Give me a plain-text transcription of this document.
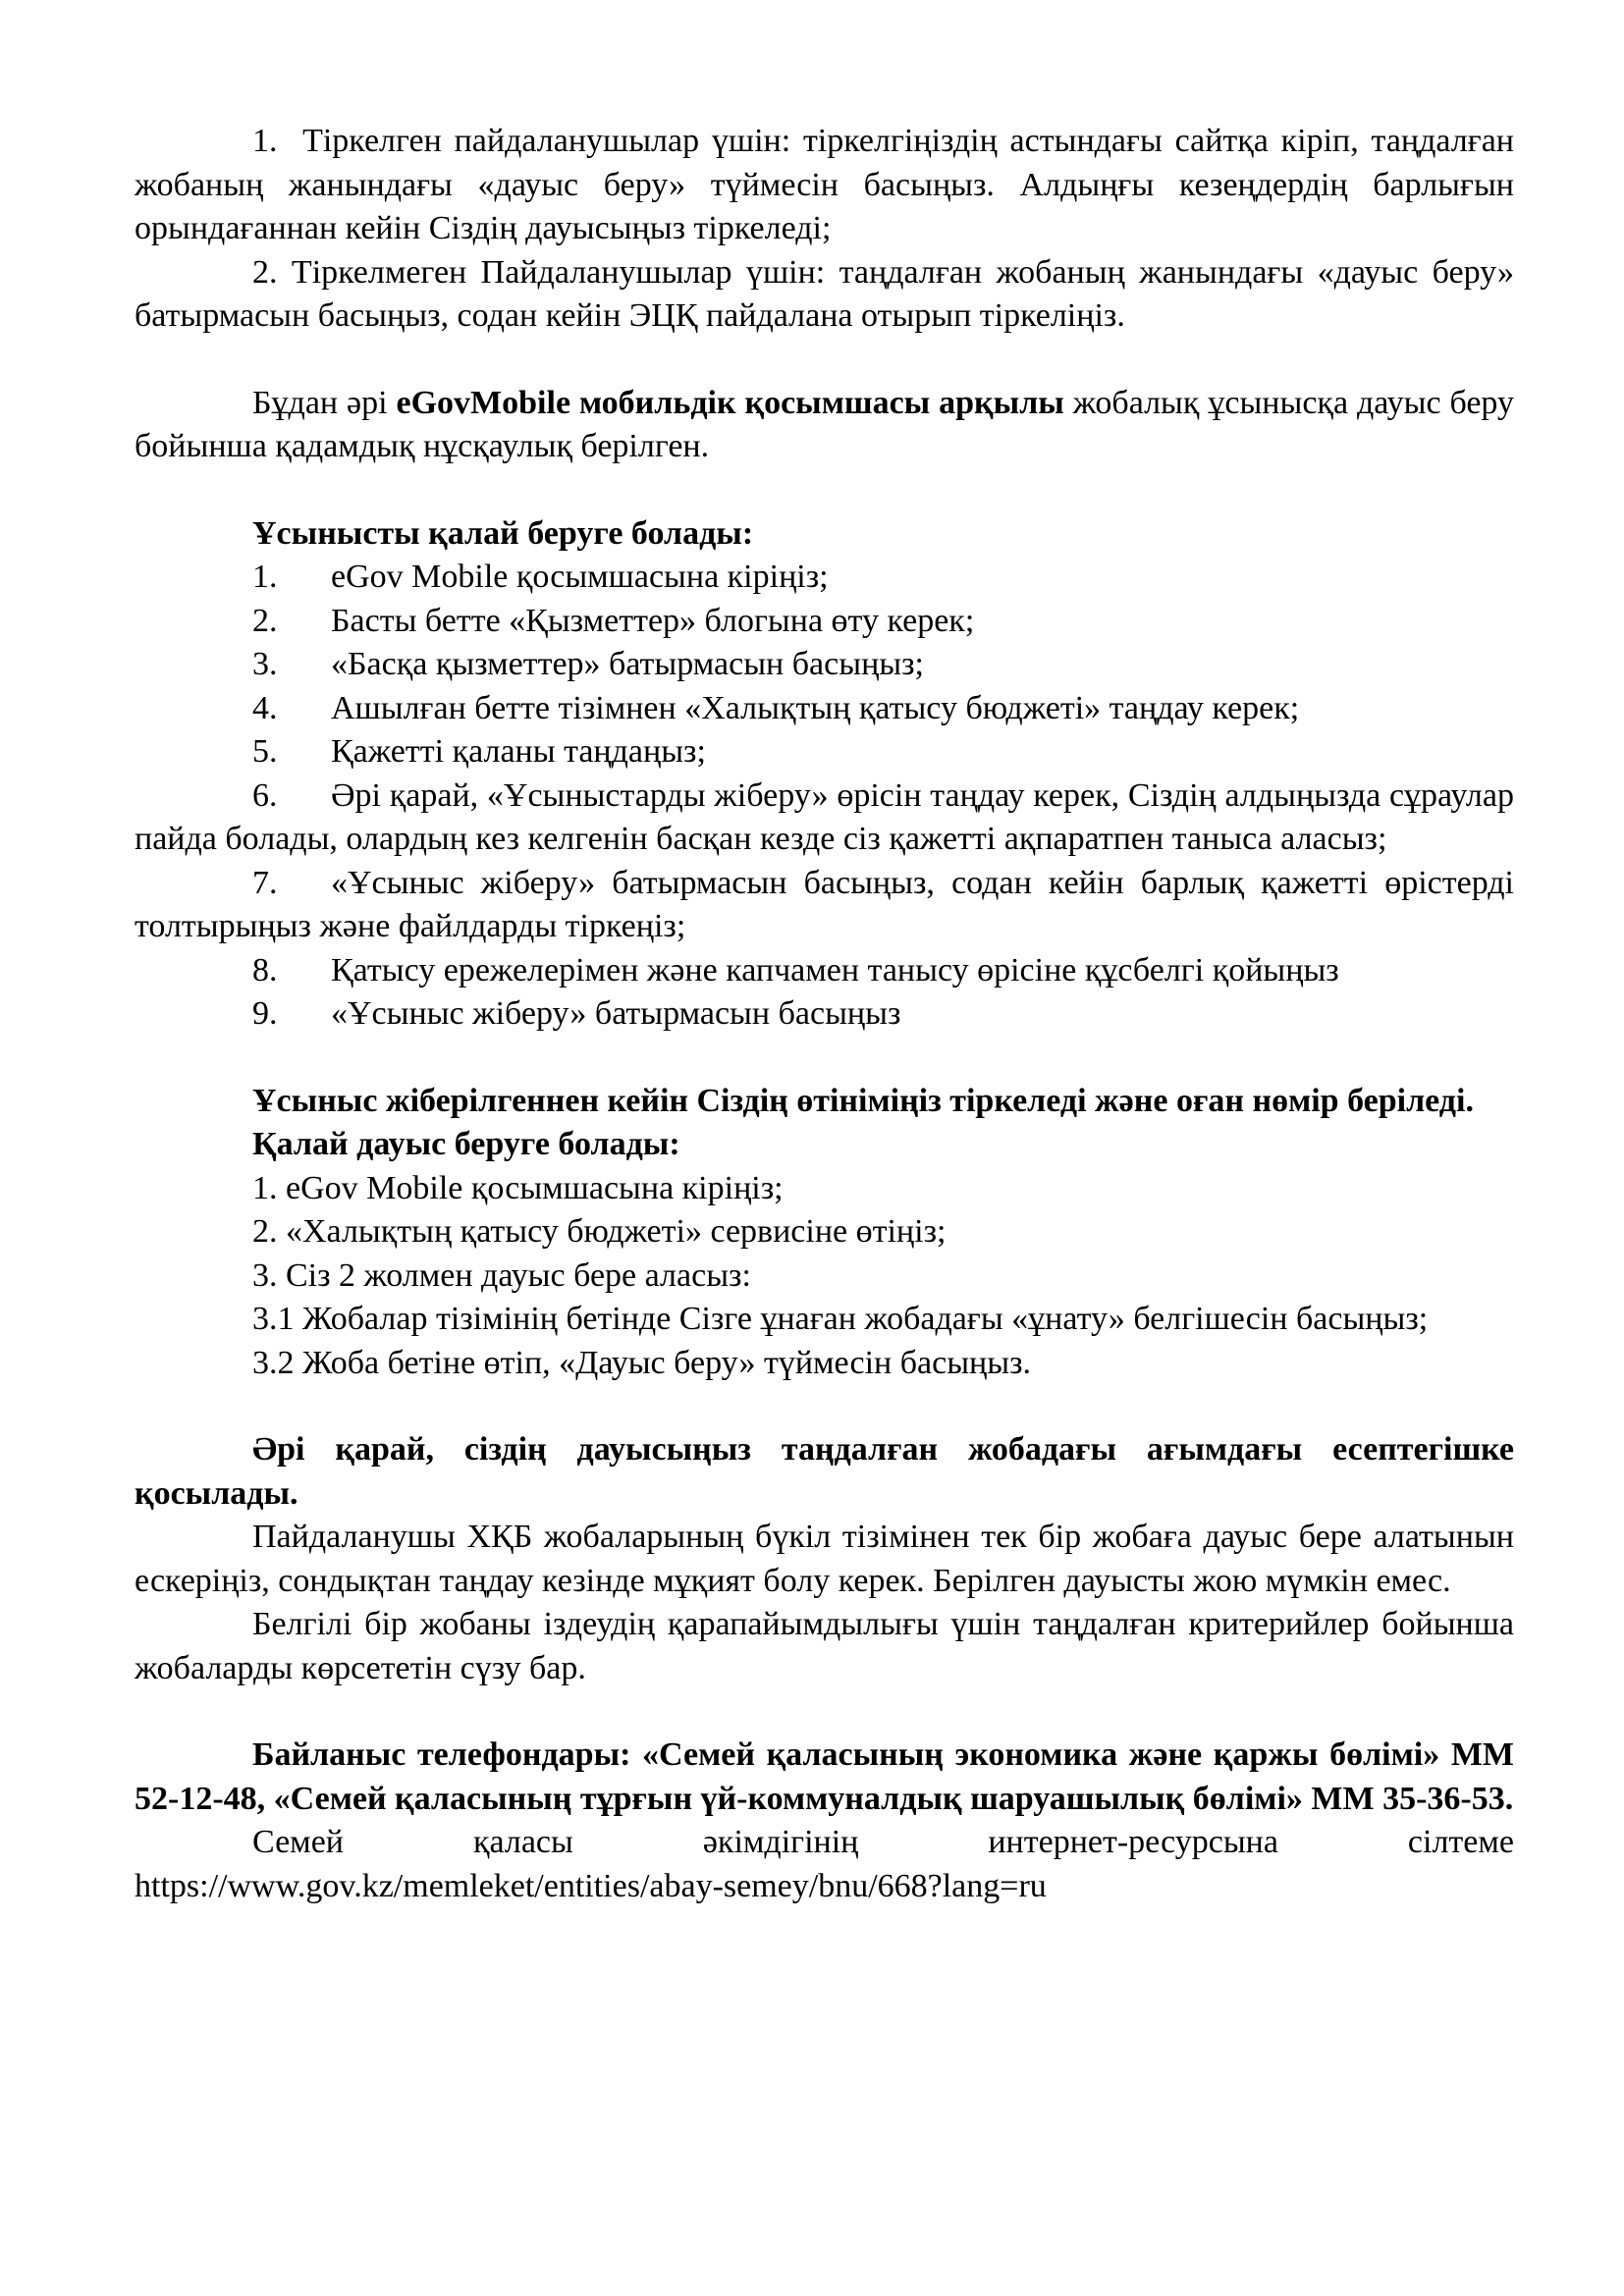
1.  Тіркелген пайдаланушылар үшін: тіркелгіңіздің астындағы сайтқа кіріп, таңдалған жобаның жанындағы «дауыс беру» түймесін басыңыз. Алдыңғы кезеңдердің барлығын орындағаннан кейін Сіздің дауысыңыз тіркеледі;

2. Тіркелмеген Пайдаланушылар үшін: таңдалған жобаның жанындағы «дауыс беру» батырмасын басыңыз, содан кейін ЭЦҚ пайдалана отырып тіркеліңіз.

Бұдан әрі eGovMobile мобильдік қосымшасы арқылы жобалық ұсынысқа дауыс беру бойынша қадамдық нұсқаулық берілген.

Ұсынысты қалай беруге болады:

1.	eGov Mobile қосымшасына кіріңіз;
2.	Басты бетте «Қызметтер» блогына өту керек;
3.	«Басқа қызметтер» батырмасын басыңыз;
4.	Ашылған бетте тізімнен «Халықтың қатысу бюджеті» таңдау керек;
5.	Қажетті қаланы таңдаңыз;

6. Әрі қарай, «Ұсыныстарды жіберу» өрісін таңдау керек, Сіздің алдыңызда сұраулар пайда болады, олардың кез келгенін басқан кезде сіз қажетті ақпаратпен таныса аласыз;

7. «Ұсыныс жіберу» батырмасын басыңыз, содан кейін барлық қажетті өрістерді толтырыңыз және файлдарды тіркеңіз;

8.	Қатысу ережелерімен және капчамен танысу өрісіне құсбелгі қойыңыз
9.	«Ұсыныс жіберу» батырмасын басыңыз

Ұсыныс жіберілгеннен кейін Сіздің өтініміңіз тіркеледі және оған нөмір беріледі.

Қалай дауыс беруге болады:

1. eGov Mobile қосымшасына кіріңіз;

2. «Халықтың қатысу бюджеті» сервисіне өтіңіз;

3. Сіз 2 жолмен дауыс бере аласыз:

3.1 Жобалар тізімінің бетінде Сізге ұнаған жобадағы «ұнату» белгішесін басыңыз;

3.2 Жоба бетіне өтіп, «Дауыс беру» түймесін басыңыз.

Әрі қарай, сіздің дауысыңыз таңдалған жобадағы ағымдағы есептегішке қосылады.

Пайдаланушы ХҚБ жобаларының бүкіл тізімінен тек бір жобаға дауыс бере алатынын ескеріңіз, сондықтан таңдау кезінде мұқият болу керек. Берілген дауысты жою мүмкін емес.

Белгілі бір жобаны іздеудің қарапайымдылығы үшін таңдалған критерийлер бойынша жобаларды көрсететін сүзу бар.

Байланыс телефондары: «Семей қаласының экономика және қаржы бөлімі» ММ 52-12-48, «Семей қаласының тұрғын үй-коммуналдық шаруашылық бөлімі» ММ 35-36-53.

Семей қаласы әкімдігінің интернет-ресурсына сілтеме

https://www.gov.kz/memleket/entities/abay-semey/bnu/668?lang=ru
